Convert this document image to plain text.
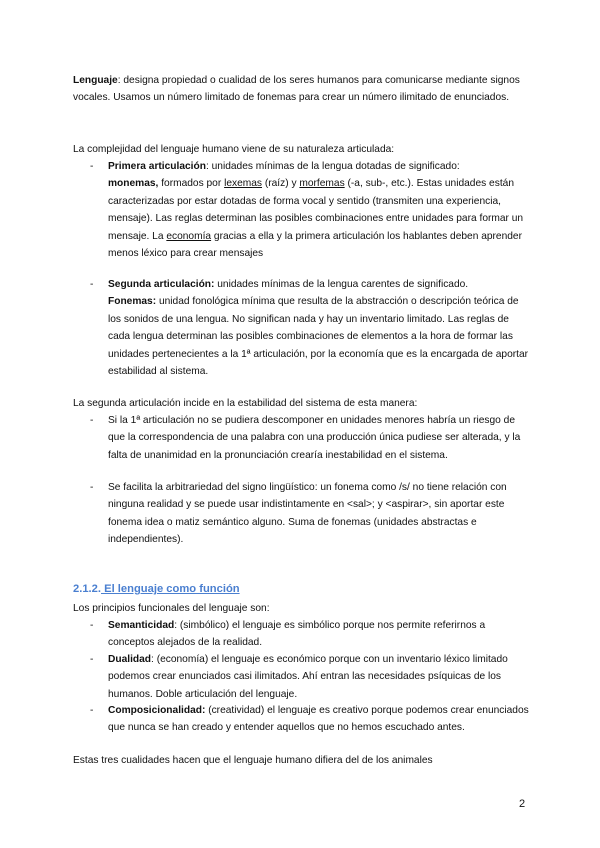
Lenguaje: designa propiedad o cualidad de los seres humanos para comunicarse mediante signos vocales. Usamos un número limitado de fonemas para crear un número ilimitado de enunciados.

La complejidad del lenguaje humano viene de su naturaleza articulada:

-	Primera articulación: unidades mínimas de la lengua dotadas de significado:
monemas, formados por lexemas (raíz) y morfemas (-a, sub-, etc.). Estas unidades están caracterizadas por estar dotadas de forma vocal y sentido (transmiten una experiencia, mensaje). Las reglas determinan las posibles combinaciones entre unidades para formar un mensaje. La economía gracias a ella y la primera articulación los hablantes deben aprender menos léxico para crear mensajes
-	Segunda articulación: unidades mínimas de la lengua carentes de significado.
Fonemas: unidad fonológica mínima que resulta de la abstracción o descripción teórica de los sonidos de una lengua. No significan nada y hay un inventario limitado. Las reglas de cada lengua determinan las posibles combinaciones de elementos a la hora de formar las unidades pertenecientes a la 1ª articulación, por la economía que es la encargada de aportar estabilidad al sistema.

La segunda articulación incide en la estabilidad del sistema de esta manera:

-	Si la 1ª articulación no se pudiera descomponer en unidades menores habría un riesgo de que la correspondencia de una palabra con una producción única pudiese ser alterada, y la falta de unanimidad en la pronunciación crearía inestabilidad en el sistema.
-	Se facilita la arbitrariedad del signo lingüístico: un fonema como /s/ no tiene relación con ninguna realidad y se puede usar indistintamente en <sal>; y <aspirar>, sin aportar este fonema idea o matiz semántico alguno. Suma de fonemas (unidades abstractas e independientes).
2.1.2. El lenguaje como función

Los principios funcionales del lenguaje son:

-	Semanticidad: (simbólico) el lenguaje es simbólico porque nos permite referirnos a conceptos alejados de la realidad.
-	Dualidad: (economía) el lenguaje es económico porque con un inventario léxico limitado podemos crear enunciados casi ilimitados. Ahí entran las necesidades psíquicas de los humanos. Doble articulación del lenguaje.
-	Composicionalidad: (creatividad) el lenguaje es creativo porque podemos crear enunciados que nunca se han creado y entender aquellos que no hemos escuchado antes.

Estas tres cualidades hacen que el lenguaje humano difiera del de los animales

2
